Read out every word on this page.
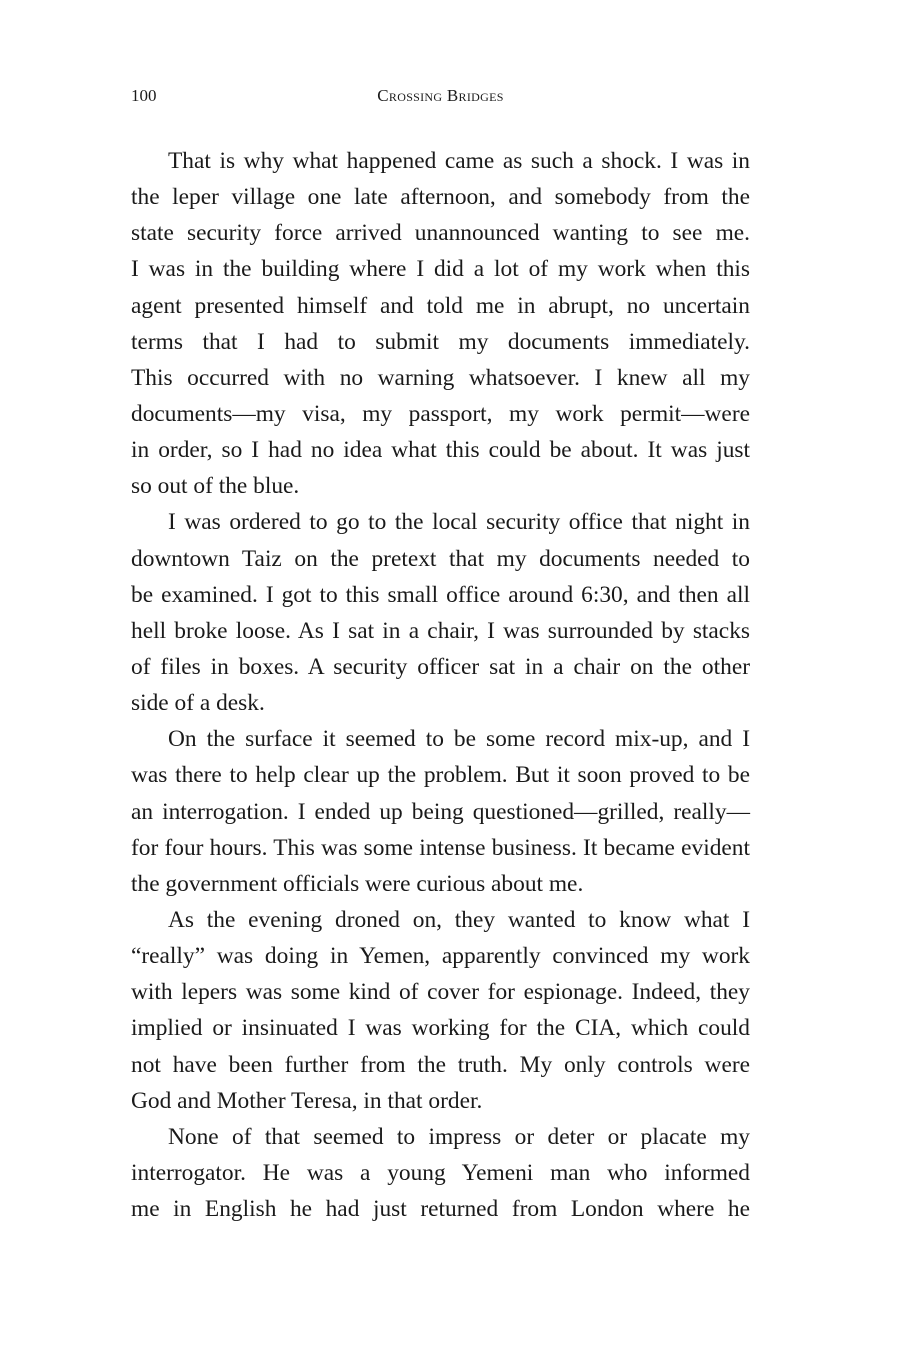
100	Crossing Bridges
That is why what happened came as such a shock. I was in
the leper village one late afternoon, and somebody from the
state security force arrived unannounced wanting to see me.
I was in the building where I did a lot of my work when this
agent presented himself and told me in abrupt, no uncertain
terms that I had to submit my documents immediately.
This occurred with no warning whatsoever. I knew all my
documents—my visa, my passport, my work permit—were
in order, so I had no idea what this could be about. It was just
so out of the blue.
I was ordered to go to the local security office that night in
downtown Taiz on the pretext that my documents needed to
be examined. I got to this small office around 6:30, and then all
hell broke loose. As I sat in a chair, I was surrounded by stacks
of files in boxes. A security officer sat in a chair on the other
side of a desk.
On the surface it seemed to be some record mix-up, and I
was there to help clear up the problem. But it soon proved to be
an interrogation. I ended up being questioned—grilled, really—
for four hours. This was some intense business. It became evident
the government officials were curious about me.
As the evening droned on, they wanted to know what I
“really” was doing in Yemen, apparently convinced my work
with lepers was some kind of cover for espionage. Indeed, they
implied or insinuated I was working for the CIA, which could
not have been further from the truth. My only controls were
God and Mother Teresa, in that order.
None of that seemed to impress or deter or placate my
interrogator. He was a young Yemeni man who informed
me in English he had just returned from London where he
